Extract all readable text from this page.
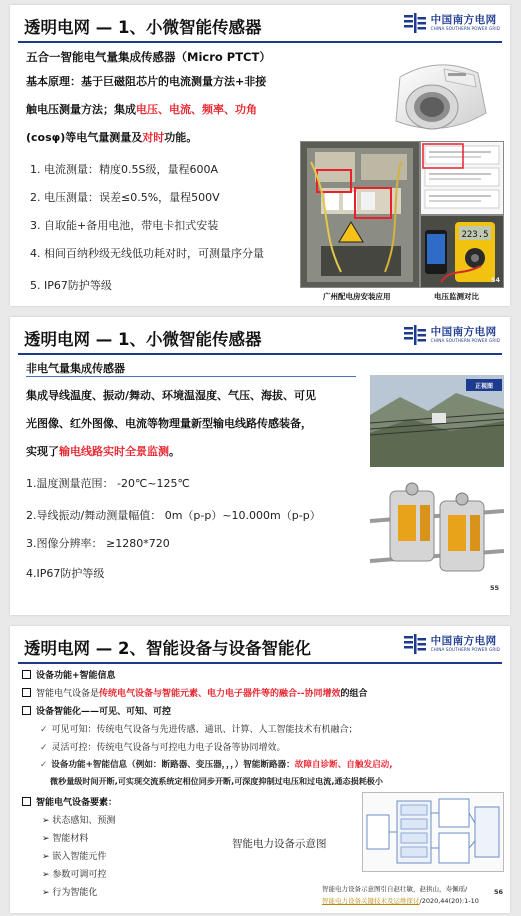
透明电网 — 1、小微智能传感器	中国南方电网
CHINA SOUTHERN POWER GRID
五合一智能电气量集成传感器（Micro PTCT）
基本原理：基于巨磁阻芯片的电流测量方法+非接
触电压测量方法；集成电压、电流、频率、功角
(cosφ)等电气量测量及对时功能。
1. 电流测量：精度0.5S级，量程600A
2. 电压测量：误差≤0.5%，量程500V
3. 自取能+备用电池，带电卡扣式安装
4. 相间百纳秒级无线低功耗对时，可测量序分量
5. IP67防护等级
223.5
广州配电房安装应用	电压监测对比
54
透明电网 — 1、小微智能传感器	中国南方电网
CHINA SOUTHERN POWER GRID
非电气量集成传感器
集成导线温度、振动/舞动、环境温湿度、气压、海拔、可见
光图像、红外图像、电流等物理量新型输电线路传感装备，
实现了输电线路实时全景监测。
1.温度测量范围： -20℃~125℃
2.导线振动/舞动测量幅值： 0m（p-p）~10.000m（p-p）
3.图像分辨率： ≥1280*720
4.IP67防护等级
正视图
55
透明电网 — 2、智能设备与设备智能化	中国南方电网
CHINA SOUTHERN POWER GRID
设备功能+智能信息
智能电气设备是传统电气设备与智能元素、电力电子器件等的融合--协同增效的组合
设备智能化——可见、可知、可控
✓ 可见可知：传统电气设备与先进传感、通讯、计算、人工智能技术有机融合；
✓ 灵活可控：传统电气设备与可控电力电子设备等协同增效。
✓ 设备功能+智能信息（例如：断路器、变压器，，，）智能断路器：故障自诊断、自触发启动,
微秒量级时间开断,可实现交流系统定相位同步开断,可深度抑制过电压和过电流,通态损耗极小
智能电气设备要素：
➢ 状态感知、预测
➢ 智能材料
➢ 嵌入智能元件
➢ 参数可调可控
➢ 行为智能化
智能电力设备示意图
智能电力设备示意图引自赵壮敏，赵拱山，寿佩瑶/
智能电力设备关键技术及运维探讨/2020,44(20):1-10
56
